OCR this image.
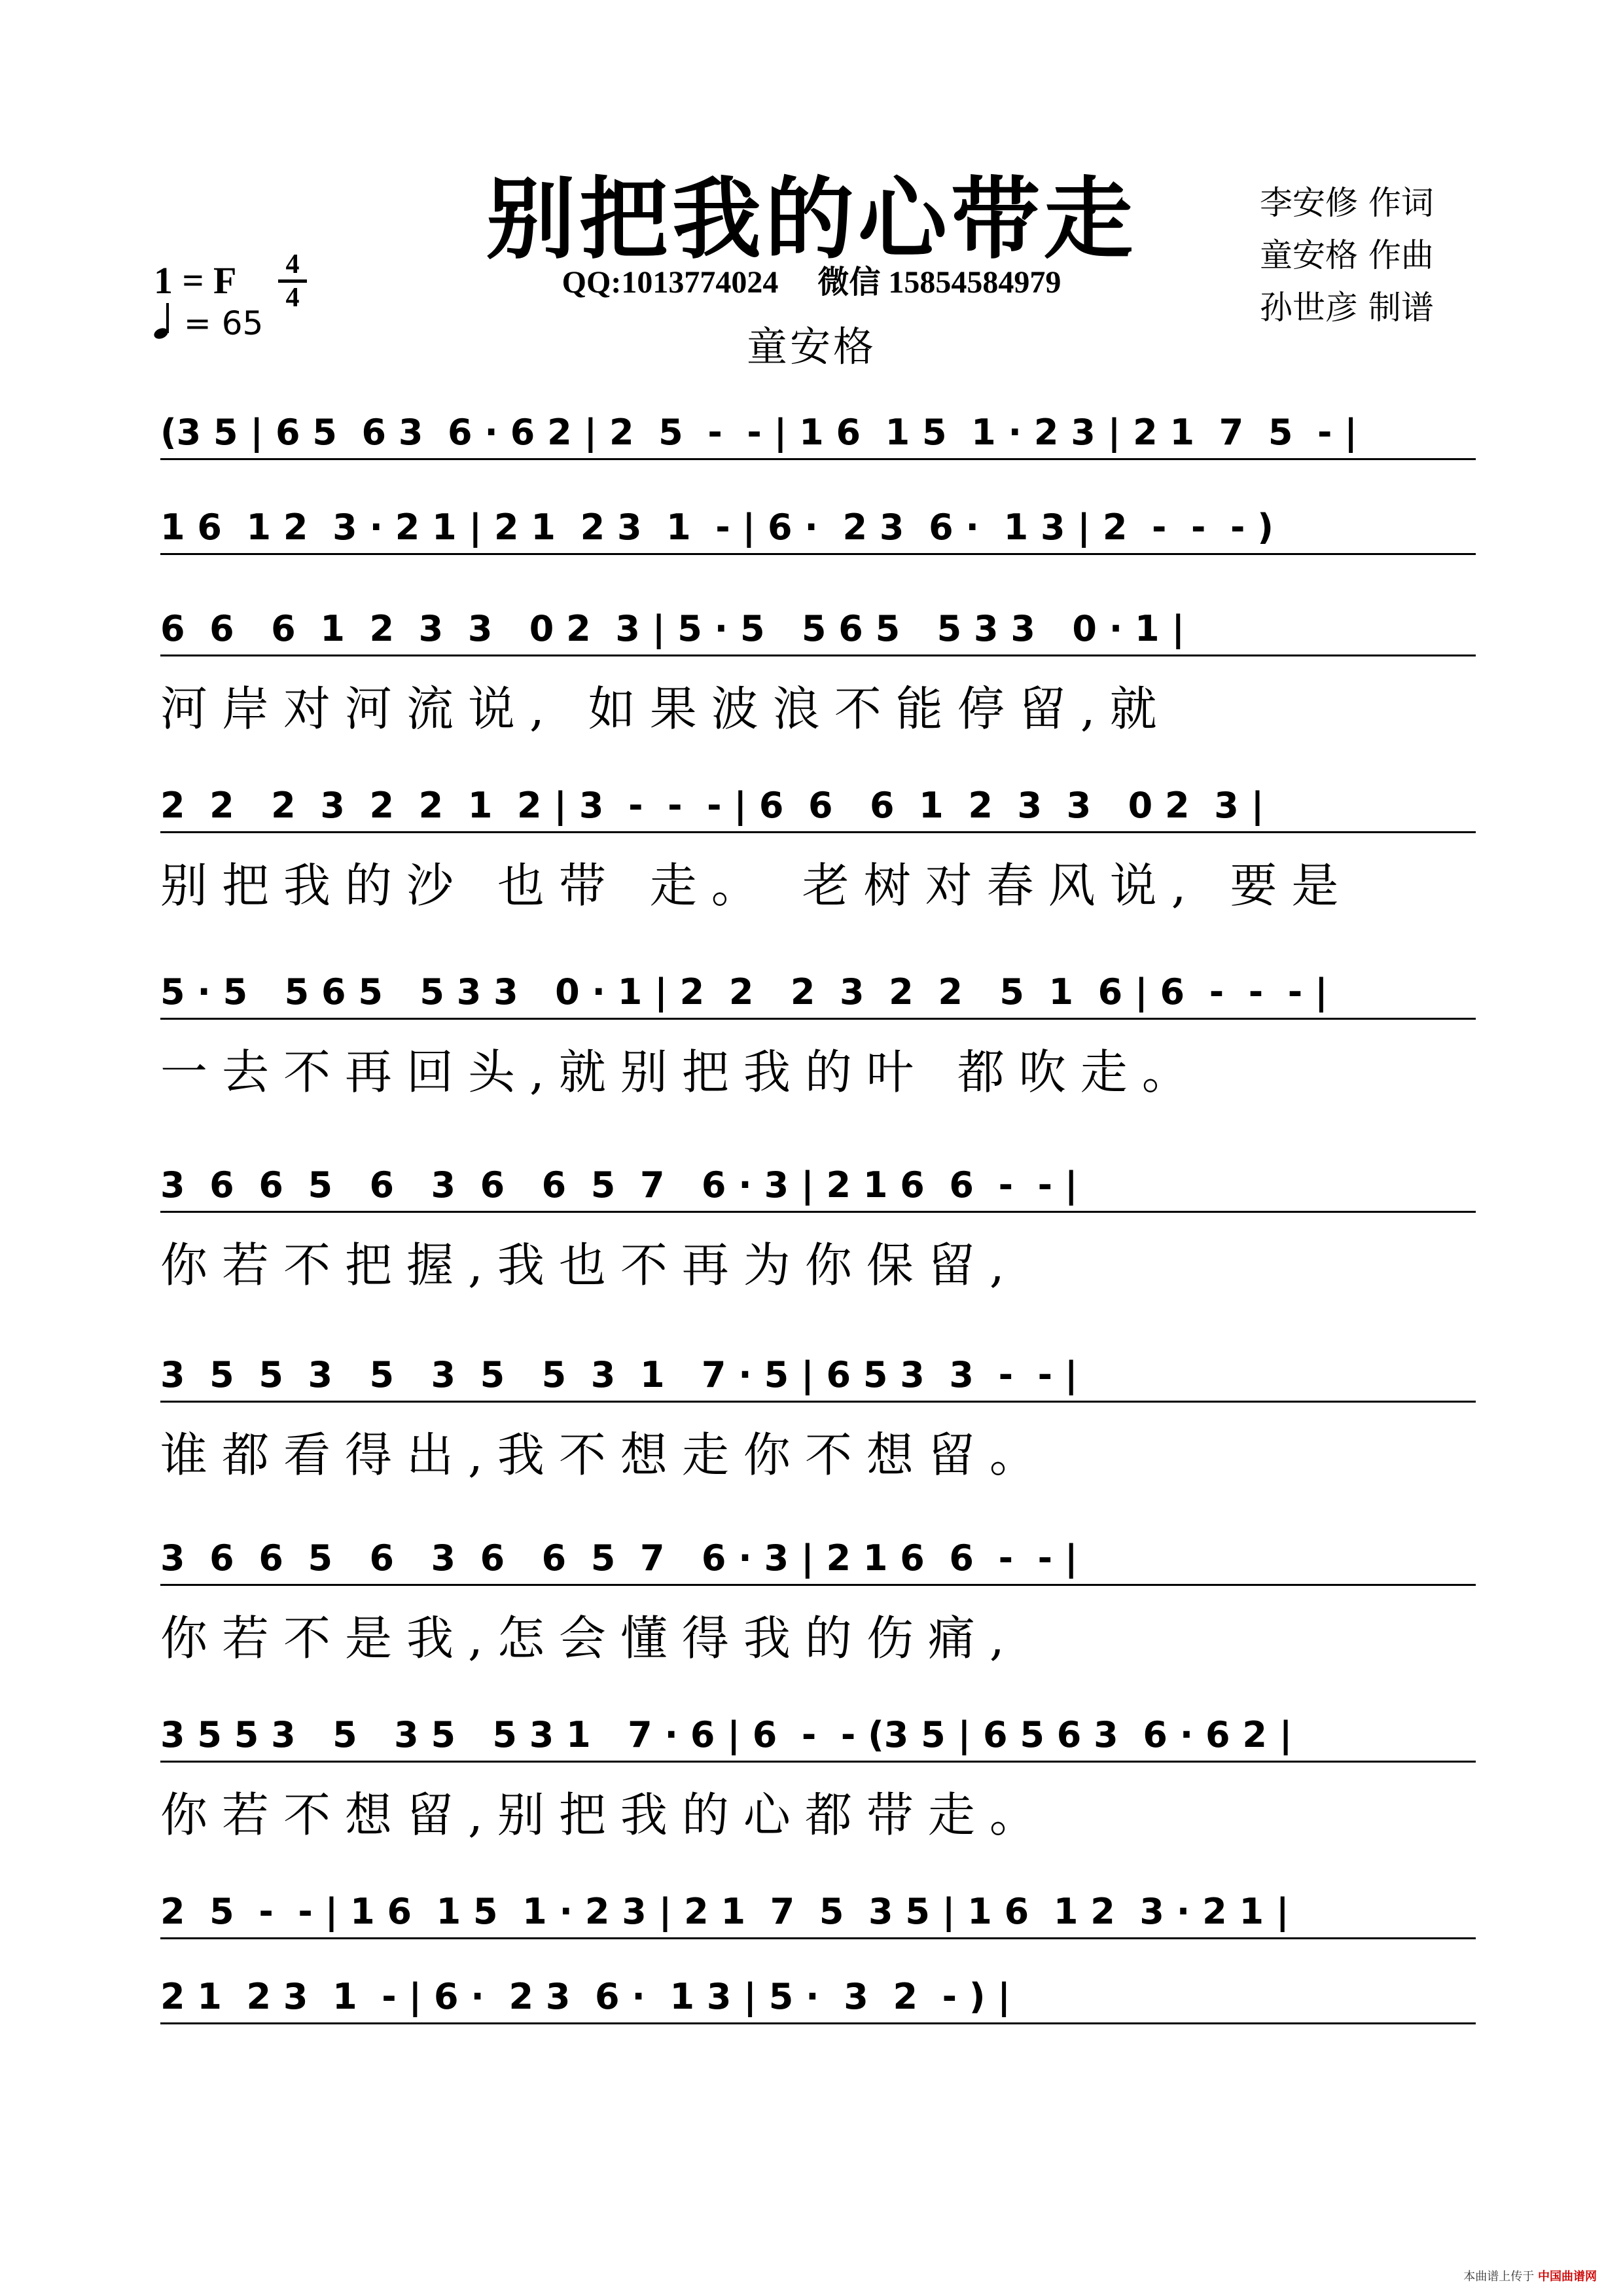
别把我的心带走
QQ:1013774024 微信 15854584979
童安格
李安修 作词
童安格 作曲
孙世彦 制谱
1 = F 4
4
= 65
(3 5 | 6 5  6 3  6 · 6 2 | 2  5  -  - | 1 6  1 5  1 · 2 3 | 2 1  7  5  - |
1 6  1 2  3 · 2 1 | 2 1  2 3  1  - | 6 ·  2 3  6 ·  1 3 | 2  -  -  - )
6  6   6  1  2  3  3   0 2  3 | 5 · 5   5 6 5   5 3 3   0 · 1 |
河岸对河流说, 如果波浪不能停留,就
2  2   2  3  2  2  1  2 | 3  -  -  - | 6  6   6  1  2  3  3   0 2  3 |
别把我的沙 也带 走。 老树对春风说, 要是
5 · 5   5 6 5   5 3 3   0 · 1 | 2  2   2  3  2  2   5  1  6 | 6  -  -  - |
一去不再回头,就别把我的叶 都吹走。
3  6  6  5   6   3  6   6  5  7   6 · 3 | 2 1 6  6  -  - |
你若不把握,我也不再为你保留,
3  5  5  3   5   3  5   5  3  1   7 · 5 | 6 5 3  3  -  - |
谁都看得出,我不想走你不想留。
3  6  6  5   6   3  6   6  5  7   6 · 3 | 2 1 6  6  -  - |
你若不是我,怎会懂得我的伤痛,
3 5 5 3   5   3 5   5 3 1   7 · 6 | 6  -  - (3 5 | 6 5 6 3  6 · 6 2 |
你若不想留,别把我的心都带走。
2  5  -  - | 1 6  1 5  1 · 2 3 | 2 1  7  5  3 5 | 1 6  1 2  3 · 2 1 |
2 1  2 3  1  - | 6 ·  2 3  6 ·  1 3 | 5 ·  3  2  - ) |
本曲谱上传于 中国曲谱网
